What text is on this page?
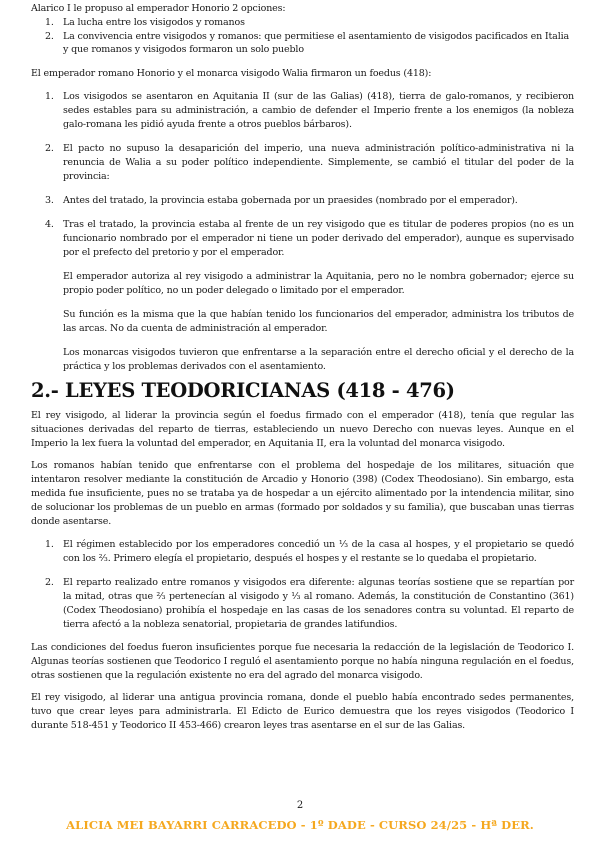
Alarico I le propuso al emperador Honorio 2 opciones:

1. La lucha entre los visigodos y romanos
2. La convivencia entre visigodos y romanos: que permitiese el asentamiento de visigodos pacificados en Italia y que romanos y visigodos formaron un solo pueblo

El emperador romano Honorio y el monarca visigodo Walia firmaron un foedus (418):

1. Los visigodos se asentaron en Aquitania II (sur de las Galias) (418), tierra de galo-romanos, y recibieron sedes estables para su administración, a cambio de defender el Imperio frente a los enemigos (la nobleza galo-romana les pidió ayuda frente a otros pueblos bárbaros).
2. El pacto no supuso la desaparición del imperio, una nueva administración político-administrativa ni la renuncia de Walia a su poder político independiente. Simplemente, se cambió el titular del poder de la provincia:
3. Antes del tratado, la provincia estaba gobernada por un praesides (nombrado por el emperador).
4. Tras el tratado, la provincia estaba al frente de un rey visigodo que es titular de poderes propios (no es un funcionario nombrado por el emperador ni tiene un poder derivado del emperador), aunque es supervisado por el prefecto del pretorio y por el emperador.

El emperador autoriza al rey visigodo a administrar la Aquitania, pero no le nombra gobernador; ejerce su propio poder político, no un poder delegado o limitado por el emperador.

Su función es la misma que la que habían tenido los funcionarios del emperador, administra los tributos de las arcas. No da cuenta de administración al emperador.

Los monarcas visigodos tuvieron que enfrentarse a la separación entre el derecho oficial y el derecho de la práctica y los problemas derivados con el asentamiento.

2.- LEYES TEODORICIANAS (418 - 476)

El rey visigodo, al liderar la provincia según el foedus firmado con el emperador (418), tenía que regular las situaciones derivadas del reparto de tierras, estableciendo un nuevo Derecho con nuevas leyes. Aunque en el Imperio la lex fuera la voluntad del emperador, en Aquitania II, era la voluntad del monarca visigodo.

Los romanos habían tenido que enfrentarse con el problema del hospedaje de los militares, situación que intentaron resolver mediante la constitución de Arcadio y Honorio (398) (Codex Theodosiano). Sin embargo, esta medida fue insuficiente, pues no se trataba ya de hospedar a un ejército alimentado por la intendencia militar, sino de solucionar los problemas de un pueblo en armas (formado por soldados y su familia), que buscaban unas tierras donde asentarse.

1. El régimen establecido por los emperadores concedió un ⅓ de la casa al hospes, y el propietario se quedó con los ⅔. Primero elegía el propietario, después el hospes y el restante se lo quedaba el propietario.
2. El reparto realizado entre romanos y visigodos era diferente: algunas teorías sostiene que se repartían por la mitad, otras que ⅔ pertenecían al visigodo y ⅓ al romano. Además, la constitución de Constantino (361) (Codex Theodosiano) prohibía el hospedaje en las casas de los senadores contra su voluntad. El reparto de tierra afectó a la nobleza senatorial, propietaria de grandes latifundios.

Las condiciones del foedus fueron insuficientes porque fue necesaria la redacción de la legislación de Teodorico I. Algunas teorías sostienen que Teodorico I reguló el asentamiento porque no había ninguna regulación en el foedus, otras sostienen que la regulación existente no era del agrado del monarca visigodo.

El rey visigodo, al liderar una antigua provincia romana, donde el pueblo había encontrado sedes permanentes, tuvo que crear leyes para administrarla. El Edicto de Eurico demuestra que los reyes visigodos (Teodorico I durante 518-451 y Teodorico II 453-466) crearon leyes tras asentarse en el sur de las Galias.

2
ALICIA MEI BAYARRI CARRACEDO - 1º DADE - CURSO 24/25 - Hª DER.
